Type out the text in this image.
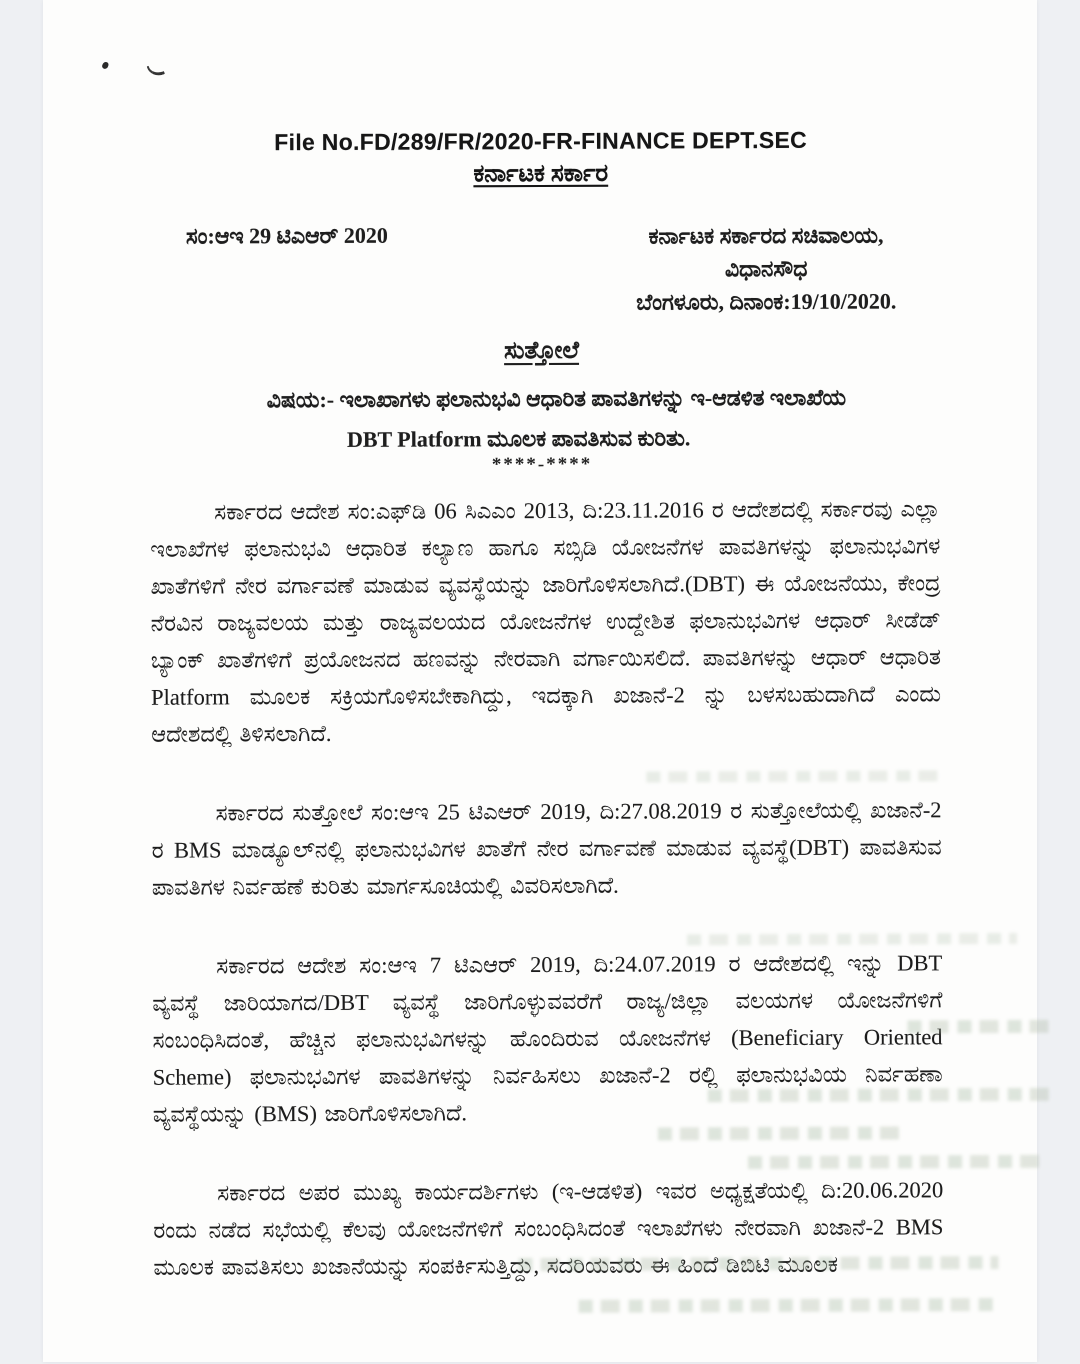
File No.FD/289/FR/2020-FR-FINANCE DEPT.SEC
ಕರ್ನಾಟಕ ಸರ್ಕಾರ
ಸಂ:ಆಇ 29 ಟಿಎಆರ್ 2020	ಕರ್ನಾಟಕ ಸರ್ಕಾರದ ಸಚಿವಾಲಯ,
ವಿಧಾನಸೌಧ
ಬೆಂಗಳೂರು, ದಿನಾಂಕ:19/10/2020.
ಸುತ್ತೋಲೆ
ವಿಷಯ:- ಇಲಾಖಾಗಳು ಫಲಾನುಭವಿ ಆಧಾರಿತ ಪಾವತಿಗಳನ್ನು ಇ-ಆಡಳಿತ ಇಲಾಖೆಯ
DBT Platform ಮೂಲಕ ಪಾವತಿಸುವ ಕುರಿತು.
****-****

ಸರ್ಕಾರದ ಆದೇಶ ಸಂ:ಎಫ್‌ಡಿ 06 ಸಿಎಎಂ 2013, ದಿ:23.11.2016 ರ ಆದೇಶದಲ್ಲಿ ಸರ್ಕಾರವು ಎಲ್ಲಾ ಇಲಾಖೆಗಳ ಫಲಾನುಭವಿ ಆಧಾರಿತ ಕಲ್ಯಾಣ ಹಾಗೂ ಸಬ್ಸಿಡಿ ಯೋಜನೆಗಳ ಪಾವತಿಗಳನ್ನು ಫಲಾನುಭವಿಗಳ ಖಾತೆಗಳಿಗೆ ನೇರ ವರ್ಗಾವಣೆ ಮಾಡುವ ವ್ಯವಸ್ಥೆಯನ್ನು ಜಾರಿಗೊಳಿಸಲಾಗಿದೆ.(DBT) ಈ ಯೋಜನೆಯು, ಕೇಂದ್ರ ನೆರವಿನ ರಾಜ್ಯವಲಯ ಮತ್ತು ರಾಜ್ಯವಲಯದ ಯೋಜನೆಗಳ ಉದ್ದೇಶಿತ ಫಲಾನುಭವಿಗಳ ಆಧಾರ್ ಸೀಡೆಡ್ ಬ್ಯಾಂಕ್ ಖಾತೆಗಳಿಗೆ ಪ್ರಯೋಜನದ ಹಣವನ್ನು ನೇರವಾಗಿ ವರ್ಗಾಯಿಸಲಿದೆ. ಪಾವತಿಗಳನ್ನು ಆಧಾರ್ ಆಧಾರಿತ Platform ಮೂಲಕ ಸಕ್ರಿಯಗೊಳಿಸಬೇಕಾಗಿದ್ದು, ಇದಕ್ಕಾಗಿ ಖಜಾನೆ-2 ನ್ನು ಬಳಸಬಹುದಾಗಿದೆ ಎಂದು ಆದೇಶದಲ್ಲಿ ತಿಳಿಸಲಾಗಿದೆ.

ಸರ್ಕಾರದ ಸುತ್ತೋಲೆ ಸಂ:ಆಇ 25 ಟಿಎಆರ್ 2019, ದಿ:27.08.2019 ರ ಸುತ್ತೋಲೆಯಲ್ಲಿ ಖಜಾನೆ-2 ರ BMS ಮಾಡ್ಯೂಲ್‌ನಲ್ಲಿ ಫಲಾನುಭವಿಗಳ ಖಾತೆಗೆ ನೇರ ವರ್ಗಾವಣೆ ಮಾಡುವ ವ್ಯವಸ್ಥೆ(DBT) ಪಾವತಿಸುವ ಪಾವತಿಗಳ ನಿರ್ವಹಣೆ ಕುರಿತು ಮಾರ್ಗಸೂಚಿಯಲ್ಲಿ ವಿವರಿಸಲಾಗಿದೆ.

ಸರ್ಕಾರದ ಆದೇಶ ಸಂ:ಆಇ 7 ಟಿಎಆರ್ 2019, ದಿ:24.07.2019 ರ ಆದೇಶದಲ್ಲಿ ಇನ್ನು DBT ವ್ಯವಸ್ಥೆ ಜಾರಿಯಾಗದ/DBT ವ್ಯವಸ್ಥೆ ಜಾರಿಗೊಳ್ಳುವವರೆಗೆ ರಾಜ್ಯ/ಜಿಲ್ಲಾ ವಲಯಗಳ ಯೋಜನೆಗಳಿಗೆ ಸಂಬಂಧಿಸಿದಂತೆ, ಹೆಚ್ಚಿನ ಫಲಾನುಭವಿಗಳನ್ನು ಹೊಂದಿರುವ ಯೋಜನೆಗಳ (Beneficiary Oriented Scheme) ಫಲಾನುಭವಿಗಳ ಪಾವತಿಗಳನ್ನು ನಿರ್ವಹಿಸಲು ಖಜಾನೆ-2 ರಲ್ಲಿ ಫಲಾನುಭವಿಯ ನಿರ್ವಹಣಾ ವ್ಯವಸ್ಥೆಯನ್ನು (BMS) ಜಾರಿಗೊಳಿಸಲಾಗಿದೆ.

ಸರ್ಕಾರದ ಅಪರ ಮುಖ್ಯ ಕಾರ್ಯದರ್ಶಿಗಳು (ಇ-ಆಡಳಿತ) ಇವರ ಅಧ್ಯಕ್ಷತೆಯಲ್ಲಿ ದಿ:20.06.2020 ರಂದು ನಡೆದ ಸಭೆಯಲ್ಲಿ ಕೆಲವು ಯೋಜನೆಗಳಿಗೆ ಸಂಬಂಧಿಸಿದಂತೆ ಇಲಾಖೆಗಳು ನೇರವಾಗಿ ಖಜಾನೆ-2 BMS ಮೂಲಕ ಪಾವತಿಸಲು ಖಜಾನೆಯನ್ನು ಸಂಪರ್ಕಿಸುತ್ತಿದ್ದು, ಸದರಿಯವರು ಈ ಹಿಂದೆ ಡಿಬಿಟಿ ಮೂಲಕ
